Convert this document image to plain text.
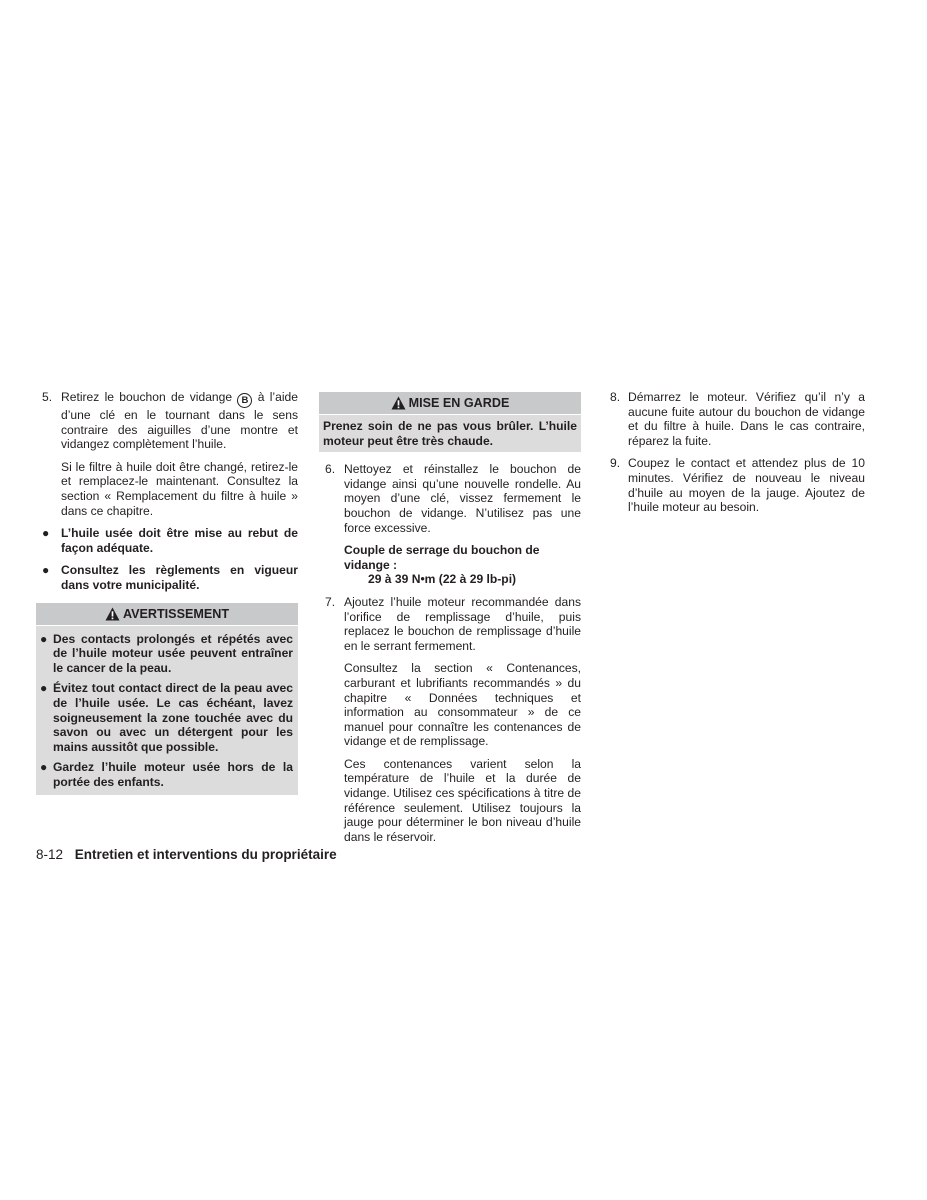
5. Retirez le bouchon de vidange B à l’aide d’une clé en le tournant dans le sens contraire des aiguilles d’une montre et vidangez complètement l’huile.

Si le filtre à huile doit être changé, retirez-le et remplacez-le maintenant. Consultez la section « Remplacement du filtre à huile » dans ce chapitre.

● L’huile usée doit être mise au rebut de façon adéquate.
● Consultez les règlements en vigueur dans votre municipalité.
AVERTISSEMENT
● Des contacts prolongés et répétés avec de l’huile moteur usée peuvent entraîner le cancer de la peau.
● Évitez tout contact direct de la peau avec de l’huile usée. Le cas échéant, lavez soigneusement la zone touchée avec du savon ou avec un détergent pour les mains aussitôt que possible.
● Gardez l’huile moteur usée hors de la portée des enfants.
MISE EN GARDE
Prenez soin de ne pas vous brûler. L’huile moteur peut être très chaude.
6. Nettoyez et réinstallez le bouchon de vidange ainsi qu’une nouvelle rondelle. Au moyen d’une clé, vissez fermement le bouchon de vidange. N’utilisez pas une force excessive.

Couple de serrage du bouchon de vidange :
29 à 39 N•m (22 à 29 lb-pi)
7. Ajoutez l’huile moteur recommandée dans l’orifice de remplissage d’huile, puis replacez le bouchon de remplissage d’huile en le serrant fermement.

Consultez la section « Contenances, carburant et lubrifiants recommandés » du chapitre « Données techniques et information au consommateur » de ce manuel pour connaître les contenances de vidange et de remplissage.

Ces contenances varient selon la température de l’huile et la durée de vidange. Utilisez ces spécifications à titre de référence seulement. Utilisez toujours la jauge pour déterminer le bon niveau d’huile dans le réservoir.

8. Démarrez le moteur. Vérifiez qu’il n’y a aucune fuite autour du bouchon de vidange et du filtre à huile. Dans le cas contraire, réparez la fuite.

9. Coupez le contact et attendez plus de 10 minutes. Vérifiez de nouveau le niveau d’huile au moyen de la jauge. Ajoutez de l’huile moteur au besoin.

8-12 Entretien et interventions du propriétaire
